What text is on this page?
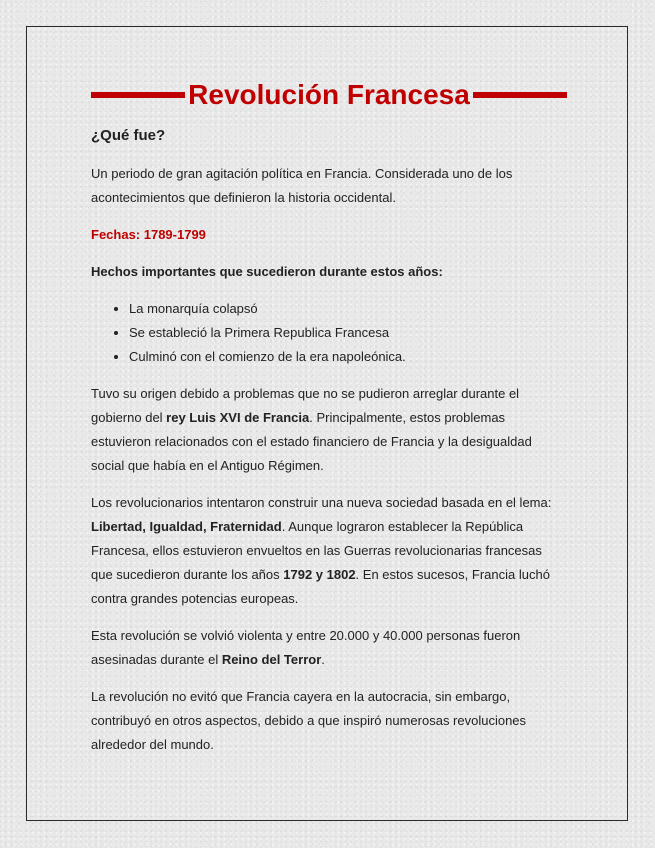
Revolución Francesa
¿Qué fue?

Un periodo de gran agitación política en Francia. Considerada uno de los acontecimientos que definieron la historia occidental.

Fechas: 1789-1799

Hechos importantes que sucedieron durante estos años:

• La monarquía colapsó
• Se estableció la Primera Republica Francesa
• Culminó con el comienzo de la era napoleónica.

Tuvo su origen debido a problemas que no se pudieron arreglar durante el gobierno del rey Luis XVI de Francia. Principalmente, estos problemas estuvieron relacionados con el estado financiero de Francia y la desigualdad social que había en el Antiguo Régimen.

Los revolucionarios intentaron construir una nueva sociedad basada en el lema: Libertad, Igualdad, Fraternidad. Aunque lograron establecer la República Francesa, ellos estuvieron envueltos en las Guerras revolucionarias francesas que sucedieron durante los años 1792 y 1802. En estos sucesos, Francia luchó contra grandes potencias europeas.

Esta revolución se volvió violenta y entre 20.000 y 40.000 personas fueron asesinadas durante el Reino del Terror.

La revolución no evitó que Francia cayera en la autocracia, sin embargo, contribuyó en otros aspectos, debido a que inspiró numerosas revoluciones alrededor del mundo.
